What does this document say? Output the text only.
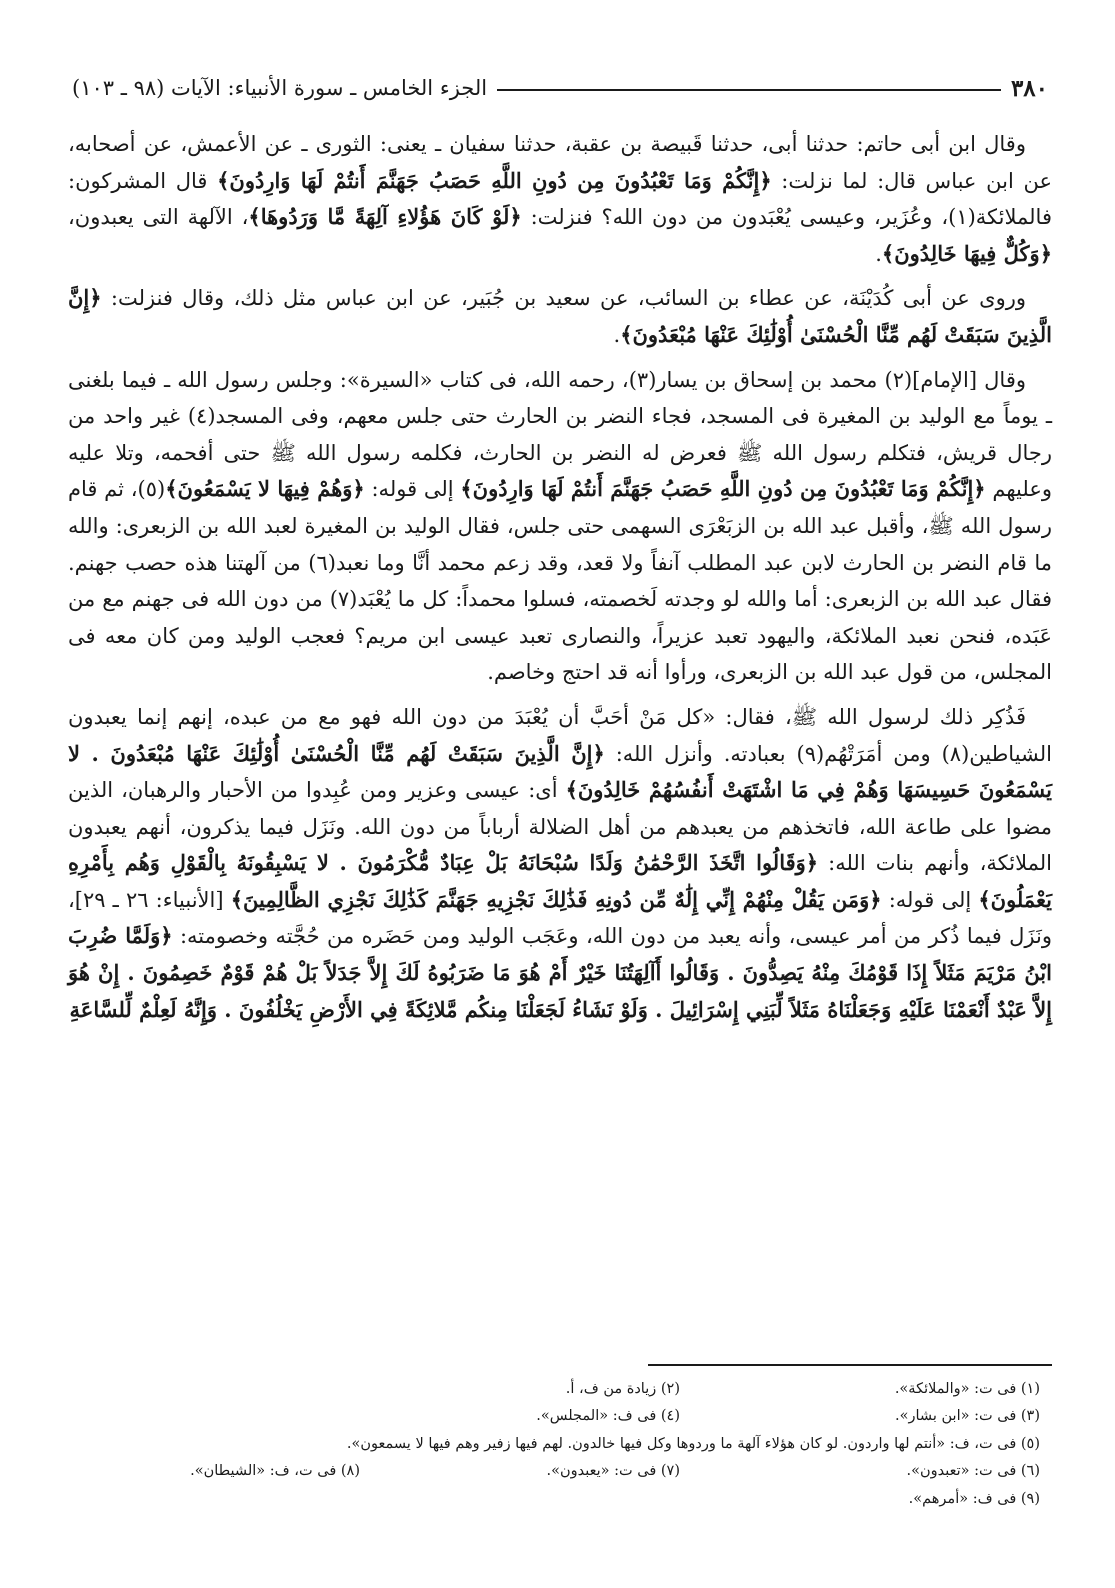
٣٨٠
الجزء الخامس ـ سورة الأنبياء: الآيات (٩٨ ـ ١٠٣)

وقال ابن أبى حاتم: حدثنا أبى، حدثنا قَبيصة بن عقبة، حدثنا سفيان ـ يعنى: الثورى ـ عن الأعمش، عن أصحابه، عن ابن عباس قال: لما نزلت: ﴿إِنَّكُمْ وَمَا تَعْبُدُونَ مِن دُونِ اللَّهِ حَصَبُ جَهَنَّمَ أَنتُمْ لَهَا وَارِدُونَ﴾ قال المشركون: فالملائكة(١)، وعُزَير، وعيسى يُعْبَدون من دون الله؟ فنزلت: ﴿لَوْ كَانَ هَؤُلاءِ آلِهَةً مَّا وَرَدُوهَا﴾، الآلهة التى يعبدون، ﴿وَكُلٌّ فِيهَا خَالِدُونَ﴾.

وروى عن أبى كُدَيْنَة، عن عطاء بن السائب، عن سعيد بن جُبَير، عن ابن عباس مثل ذلك، وقال فنزلت: ﴿إِنَّ الَّذِينَ سَبَقَتْ لَهُم مِّنَّا الْحُسْنَىٰ أُوْلَٰئِكَ عَنْهَا مُبْعَدُونَ﴾.

وقال [الإمام](٢) محمد بن إسحاق بن يسار(٣)، رحمه الله، فى كتاب «السيرة»: وجلس رسول الله ـ فيما بلغنى ـ يوماً مع الوليد بن المغيرة فى المسجد، فجاء النضر بن الحارث حتى جلس معهم، وفى المسجد(٤) غير واحد من رجال قريش، فتكلم رسول الله ﷺ فعرض له النضر بن الحارث، فكلمه رسول الله ﷺ حتى أفحمه، وتلا عليه وعليهم ﴿إِنَّكُمْ وَمَا تَعْبُدُونَ مِن دُونِ اللَّهِ حَصَبُ جَهَنَّمَ أَنتُمْ لَهَا وَارِدُونَ﴾ إلى قوله: ﴿وَهُمْ فِيهَا لا يَسْمَعُونَ﴾(٥)، ثم قام رسول الله ﷺ، وأقبل عبد الله بن الزبَعْرَى السهمى حتى جلس، فقال الوليد بن المغيرة لعبد الله بن الزبعرى: والله ما قام النضر بن الحارث لابن عبد المطلب آنفاً ولا قعد، وقد زعم محمد أنَّا وما نعبد(٦) من آلهتنا هذه حصب جهنم. فقال عبد الله بن الزبعرى: أما والله لو وجدته لَخصمته، فسلوا محمداً: كل ما يُعْبَد(٧) من دون الله فى جهنم مع من عَبَده، فنحن نعبد الملائكة، واليهود تعبد عزيراً، والنصارى تعبد عيسى ابن مريم؟ فعجب الوليد ومن كان معه فى المجلس، من قول عبد الله بن الزبعرى، ورأوا أنه قد احتج وخاصم.

فَذُكِر ذلك لرسول الله ﷺ، فقال: «كل مَنْ أحَبَّ أن يُعْبَدَ من دون الله فهو مع من عبده، إنهم إنما يعبدون الشياطين(٨) ومن أمَرَتْهُم(٩) بعبادته. وأنزل الله: ﴿إِنَّ الَّذِينَ سَبَقَتْ لَهُم مِّنَّا الْحُسْنَىٰ أُوْلَٰئِكَ عَنْهَا مُبْعَدُونَ . لا يَسْمَعُونَ حَسِيسَهَا وَهُمْ فِي مَا اشْتَهَتْ أَنفُسُهُمْ خَالِدُونَ﴾ أى: عيسى وعزير ومن عُبِدوا من الأحبار والرهبان، الذين مضوا على طاعة الله، فاتخذهم من يعبدهم من أهل الضلالة أرباباً من دون الله. ونَزَل فيما يذكرون، أنهم يعبدون الملائكة، وأنهم بنات الله: ﴿وَقَالُوا اتَّخَذَ الرَّحْمَٰنُ وَلَدًا سُبْحَانَهُ بَلْ عِبَادٌ مُّكْرَمُونَ . لا يَسْبِقُونَهُ بِالْقَوْلِ وَهُم بِأَمْرِهِ يَعْمَلُونَ﴾ إلى قوله: ﴿وَمَن يَقُلْ مِنْهُمْ إِنِّي إِلَٰهٌ مِّن دُونِهِ فَذَٰلِكَ نَجْزِيهِ جَهَنَّمَ كَذَٰلِكَ نَجْزِي الظَّالِمِينَ﴾ [الأنبياء: ٢٦ ـ ٢٩]، ونَزَل فيما ذُكر من أمر عيسى، وأنه يعبد من دون الله، وعَجَب الوليد ومن حَضَره من حُجَّته وخصومته: ﴿وَلَمَّا ضُرِبَ ابْنُ مَرْيَمَ مَثَلاً إِذَا قَوْمُكَ مِنْهُ يَصِدُّونَ . وَقَالُوا أَآلِهَتُنَا خَيْرٌ أَمْ هُوَ مَا ضَرَبُوهُ لَكَ إِلاَّ جَدَلاً بَلْ هُمْ قَوْمٌ خَصِمُونَ . إِنْ هُوَ إِلاَّ عَبْدٌ أَنْعَمْنَا عَلَيْهِ وَجَعَلْنَاهُ مَثَلاً لِّبَنِي إِسْرَائِيلَ . وَلَوْ نَشَاءُ لَجَعَلْنَا مِنكُم مَّلائِكَةً فِي الأَرْضِ يَخْلُفُونَ . وَإِنَّهُ لَعِلْمٌ لِّلسَّاعَةِ

(١) فى ت: «والملائكة».
(٢) زيادة من ف، أ.
(٣) فى ت: «ابن بشار».
(٤) فى ف: «المجلس».
(٥) فى ت، ف: «أنتم لها واردون. لو كان هؤلاء آلهة ما وردوها وكل فيها خالدون. لهم فيها زفير وهم فيها لا يسمعون».
(٦) فى ت: «تعبدون».
(٧) فى ت: «يعبدون».
(٨) فى ت، ف: «الشيطان».
(٩) فى ف: «أمرهم».
